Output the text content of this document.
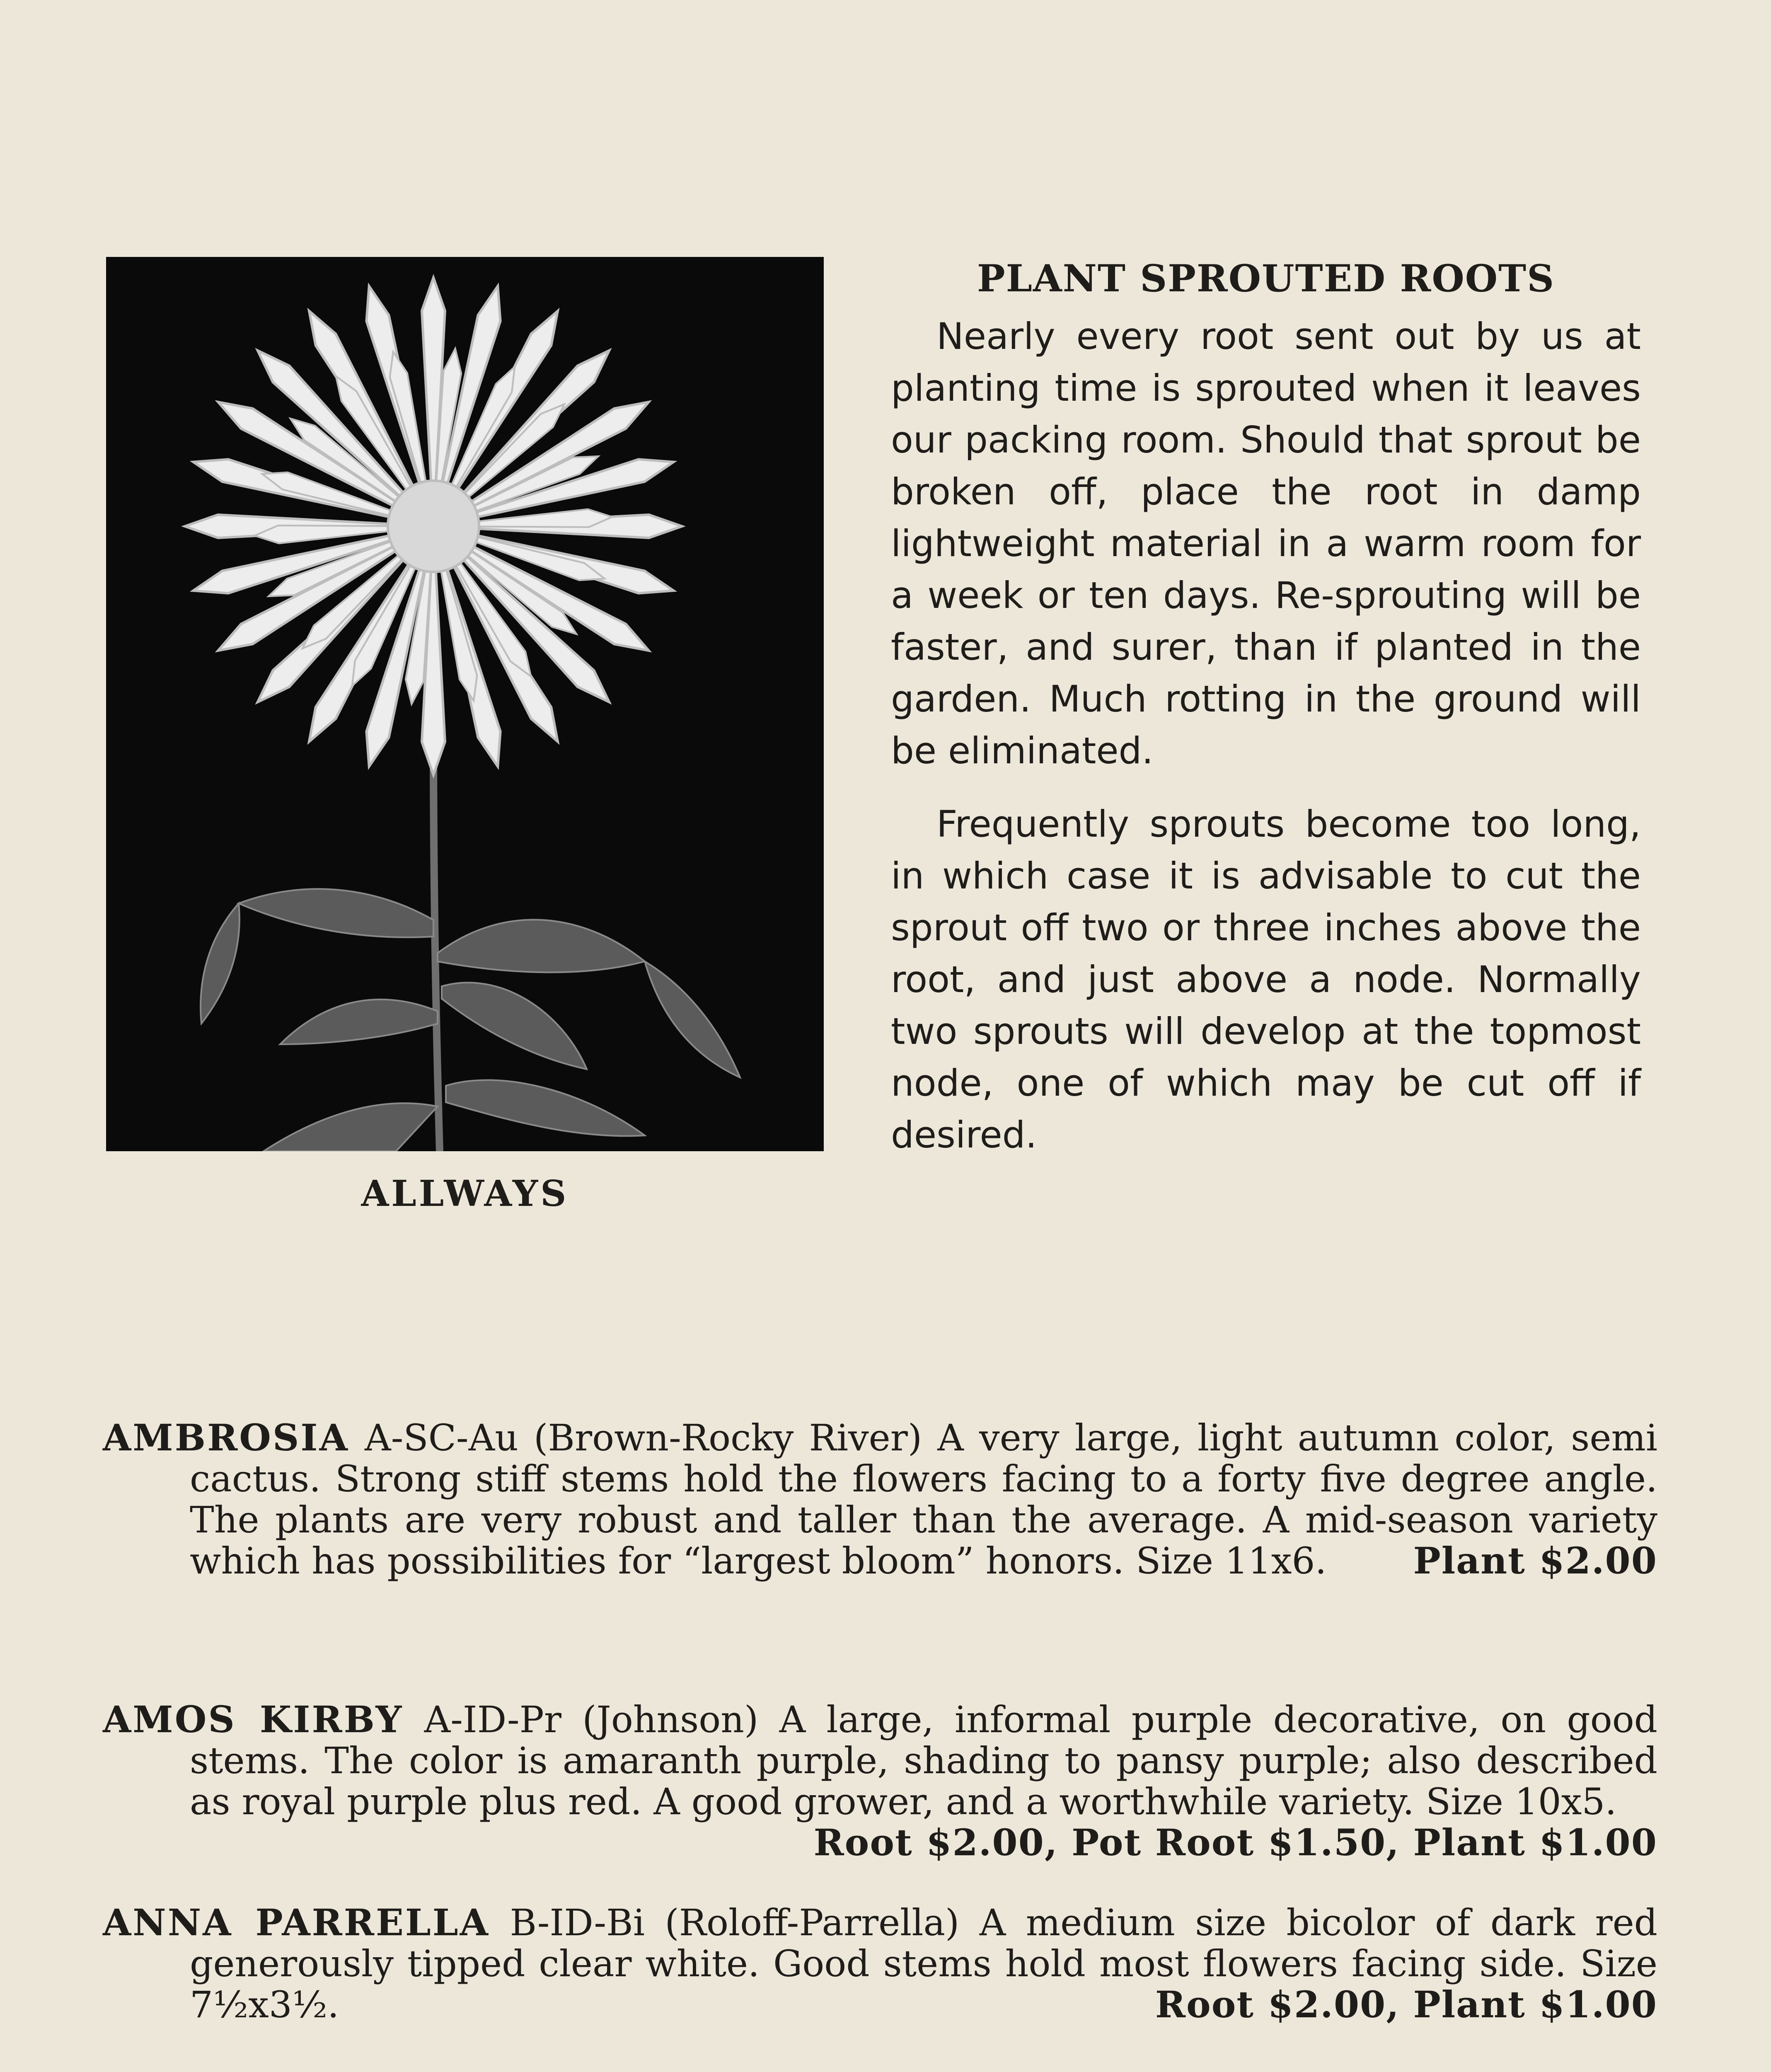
ALLWAYS
PLANT SPROUTED ROOTS

Nearly every root sent out by us at planting time is sprouted when it leaves our packing room. Should that sprout be broken off, place the root in damp lightweight material in a warm room for a week or ten days. Re-sprouting will be faster, and surer, than if planted in the garden. Much rotting in the ground will be eliminated.

Frequently sprouts become too long, in which case it is advisable to cut the sprout off two or three inches above the root, and just above a node. Normally two sprouts will develop at the topmost node, one of which may be cut off if desired.

AMBROSIA A-SC-Au (Brown-Rocky River) A very large, light autumn color, semi cactus. Strong stiff stems hold the flowers facing to a forty five degree angle. The plants are very robust and taller than the average. A mid-season variety which has possibilities for “largest bloom” honors. Size 11x6. Plant $2.00
AMOS KIRBY A-ID-Pr (Johnson) A large, informal purple decorative, on good stems. The color is amaranth purple, shading to pansy purple; also described as royal purple plus red. A good grower, and a worthwhile variety. Size 10x5.
Root $2.00, Pot Root $1.50, Plant $1.00
ANNA PARRELLA B-ID-Bi (Roloff-Parrella) A medium size bicolor of dark red generously tipped clear white. Good stems hold most flowers facing side. Size 7½x3½.	Root $2.00, Plant $1.00
